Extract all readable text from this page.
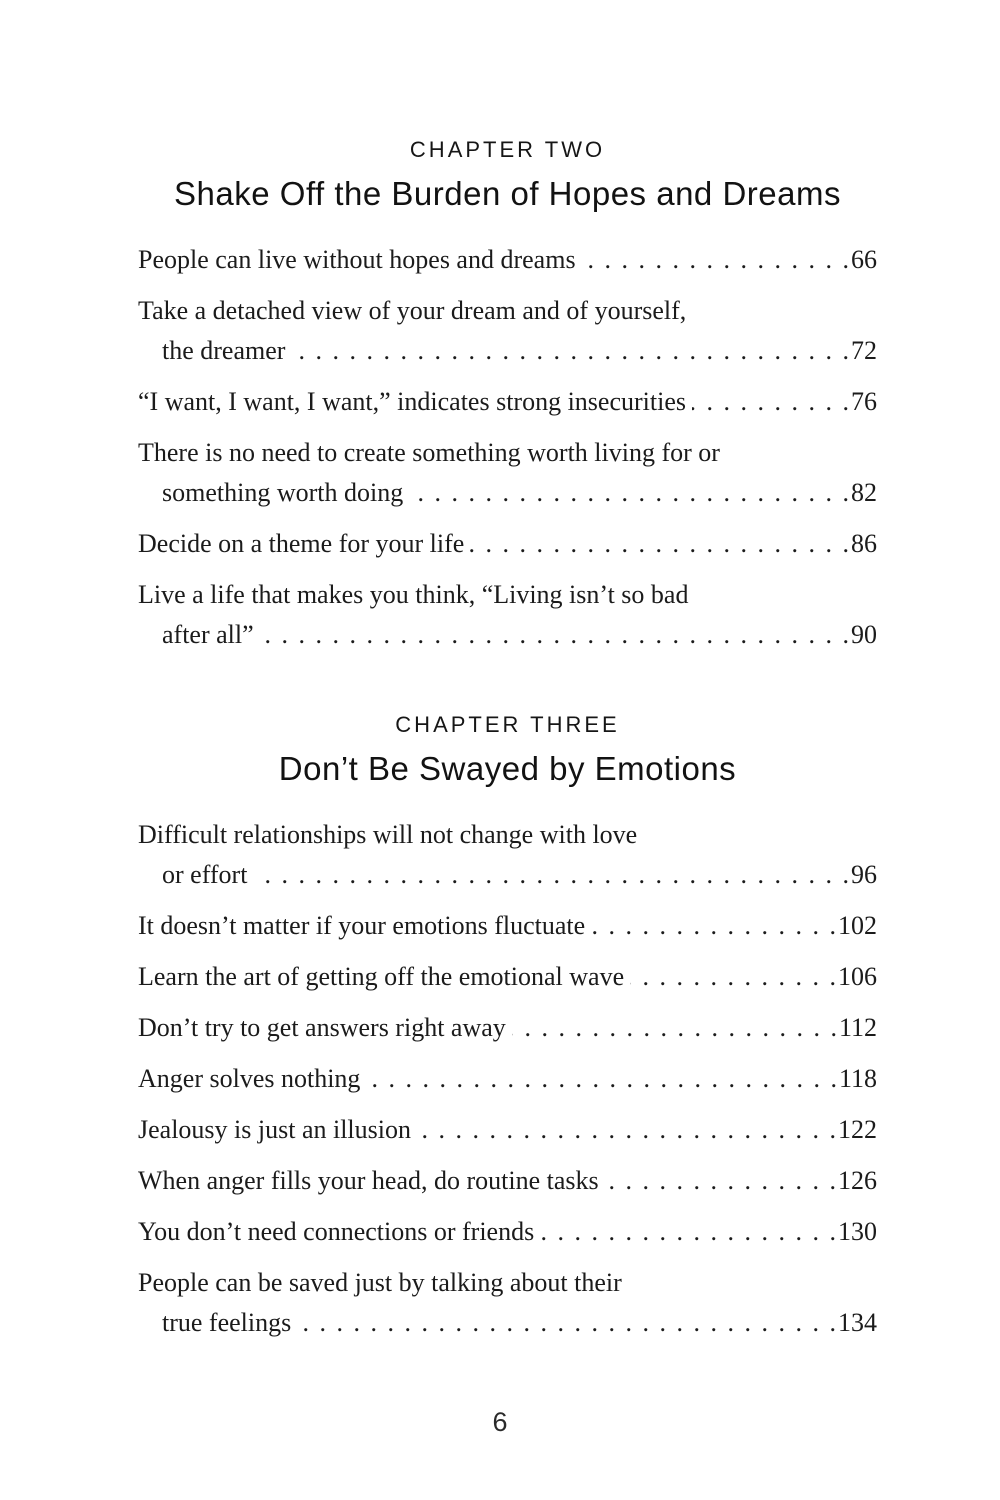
CHAPTER TWO
Shake Off the Burden of Hopes and Dreams
People can live without hopes and dreams . . .	66
Take a detached view of your dream and of yourself,
the dreamer . . .	72
“I want, I want, I want,” indicates strong insecurities . . .	76
There is no need to create something worth living for or
something worth doing . . .	82
Decide on a theme for your life . . .	86
Live a life that makes you think, “Living isn’t so bad
after all” . . .	90
CHAPTER THREE
Don’t Be Swayed by Emotions
Difficult relationships will not change with love
or effort . . .	96
It doesn’t matter if your emotions fluctuate . . .	102
Learn the art of getting off the emotional wave . . .	106
Don’t try to get answers right away . . .	112
Anger solves nothing . . .	118
Jealousy is just an illusion . . .	122
When anger fills your head, do routine tasks . . .	126
You don’t need connections or friends . . .	130
People can be saved just by talking about their
true feelings . . .	134
6
